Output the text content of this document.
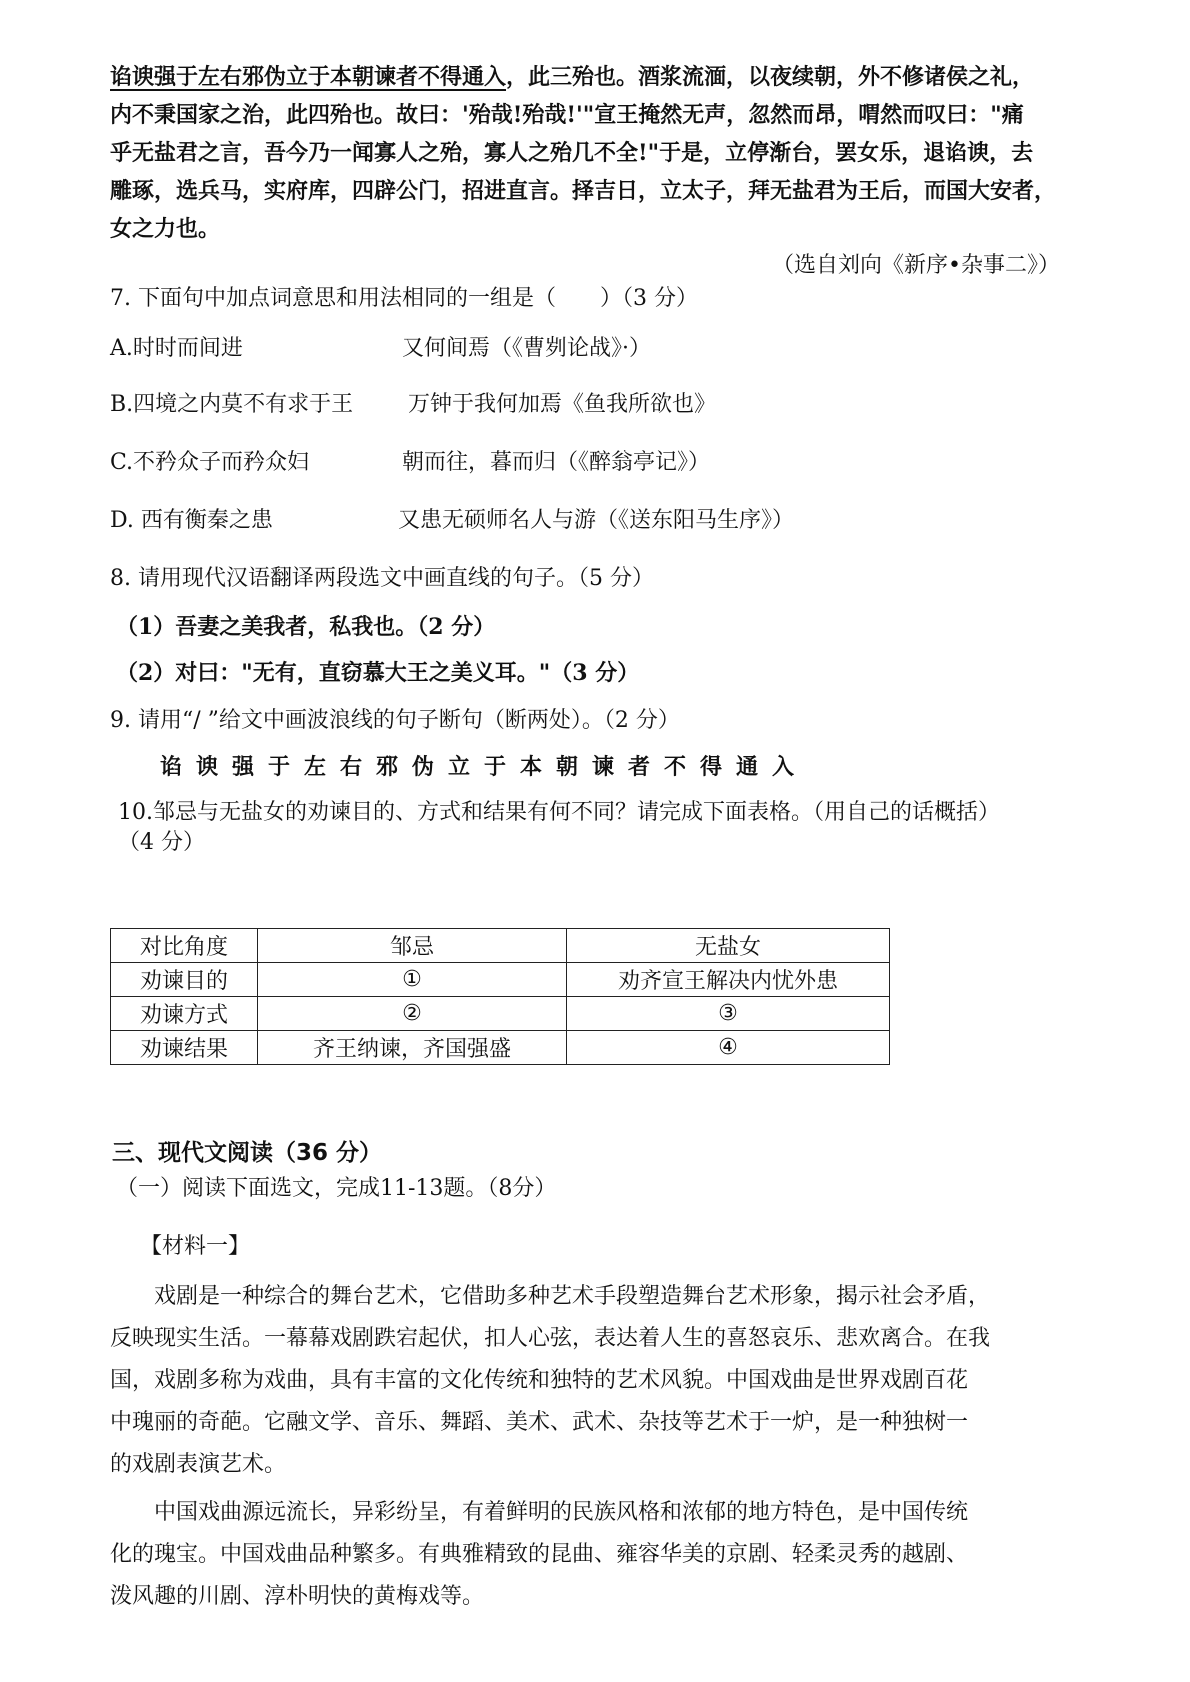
谄谀强于左右邪伪立于本朝谏者不得通入，此三殆也。酒浆流湎，以夜续朝，外不修诸侯之礼，
内不秉国家之治，此四殆也。故曰：'殆哉!殆哉!'"宣王掩然无声，忽然而昂，喟然而叹曰："痛
乎无盐君之言，吾今乃一闻寡人之殆，寡人之殆几不全!"于是，立停渐台，罢女乐，退谄谀，去
雕琢，选兵马，实府库，四辟公门，招进直言。择吉日，立太子，拜无盐君为王后，而国大安者，
女之力也。
（选自刘向《新序•杂事二》）
7. 下面句中加点词意思和用法相同的一组是（　　）（3 分）
A.时时而间进	又何间焉（《曹刿论战》·）
B.四境之内莫不有求于王 万钟于我何加焉《鱼我所欲也》
C.不矜众子而矜众妇	朝而往，暮而归（《醉翁亭记》）
D. 西有衡秦之患	又患无硕师名人与游（《送东阳马生序》）
8. 请用现代汉语翻译两段选文中画直线的句子。（5 分）
（1）吾妻之美我者，私我也。（2 分）
（2）对曰："无有，直窃慕大王之美义耳。"（3 分）
9. 请用“/ ”给文中画波浪线的句子断句（断两处）。（2 分）
谄谀强于左右邪伪立于本朝谏者不得通入
10.邹忌与无盐女的劝谏目的、方式和结果有何不同？请完成下面表格。（用自己的话概括）
（4 分）
对比角度	邹忌	无盐女
劝谏目的	①	劝齐宣王解决内忧外患
劝谏方式	②	③
劝谏结果	齐王纳谏，齐国强盛	④
三、现代文阅读（36 分）
（一）阅读下面选文，完成11-13题。（8分）
【材料一】
　　戏剧是一种综合的舞台艺术，它借助多种艺术手段塑造舞台艺术形象，揭示社会矛盾，
反映现实生活。一幕幕戏剧跌宕起伏，扣人心弦，表达着人生的喜怒哀乐、悲欢离合。在我
国，戏剧多称为戏曲，具有丰富的文化传统和独特的艺术风貌。中国戏曲是世界戏剧百花
中瑰丽的奇葩。它融文学、音乐、舞蹈、美术、武术、杂技等艺术于一炉，是一种独树一
的戏剧表演艺术。
　　中国戏曲源远流长，异彩纷呈，有着鲜明的民族风格和浓郁的地方特色，是中国传统
化的瑰宝。中国戏曲品种繁多。有典雅精致的昆曲、雍容华美的京剧、轻柔灵秀的越剧、
泼风趣的川剧、淳朴明快的黄梅戏等。
